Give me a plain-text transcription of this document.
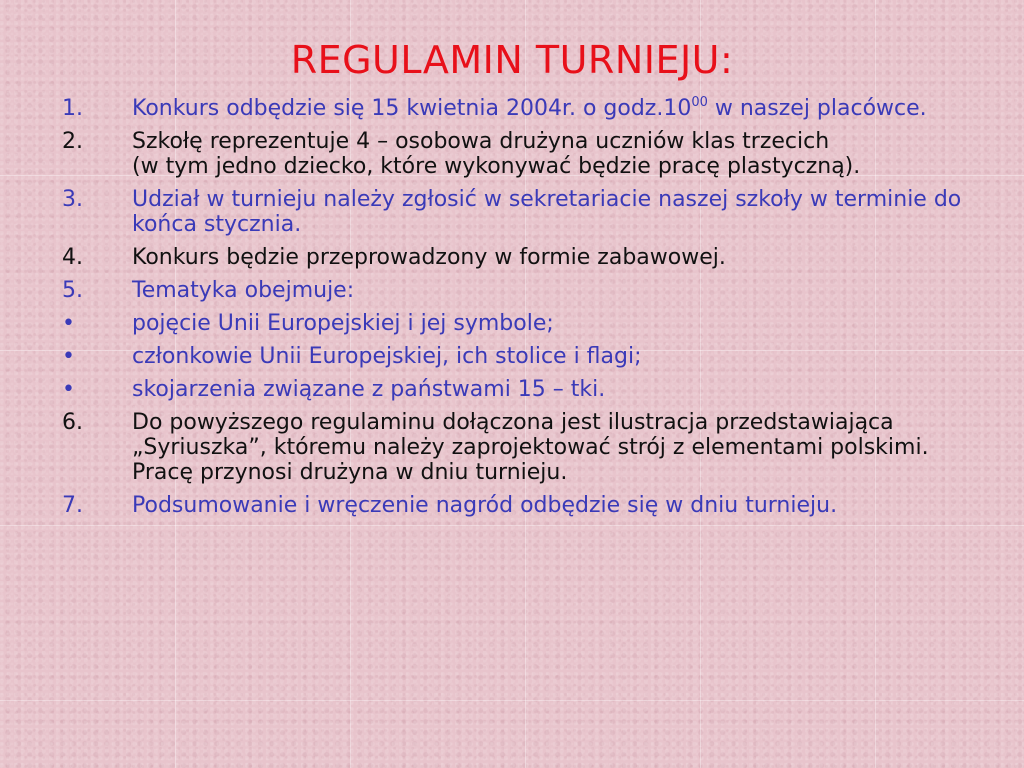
REGULAMIN TURNIEJU:
1. Konkurs odbędzie się 15 kwietnia 2004r. o $godz.10^{00}$ w naszej placówce.
2. Szkołę reprezentuje 4 – osobowa drużyna uczniów klas trzecich
(w tym jedno dziecko, które wykonywać będzie pracę plastyczną).
3. Udział w turnieju należy zgłosić w sekretariacie naszej szkoły w terminie do końca stycznia.
4. Konkurs będzie przeprowadzony w formie zabawowej.
5. Tematyka obejmuje:
•	pojęcie Unii Europejskiej i jej symbole;
•	członkowie Unii Europejskiej, ich stolice i flagi;
•	skojarzenia związane z państwami 15 – tki.
6. Do powyższego regulaminu dołączona jest ilustracja przedstawiająca „Syriuszka”, któremu należy zaprojektować strój z elementami polskimi. Pracę przynosi drużyna w dniu turnieju.
7. Podsumowanie i wręczenie nagród odbędzie się w dniu turnieju.
